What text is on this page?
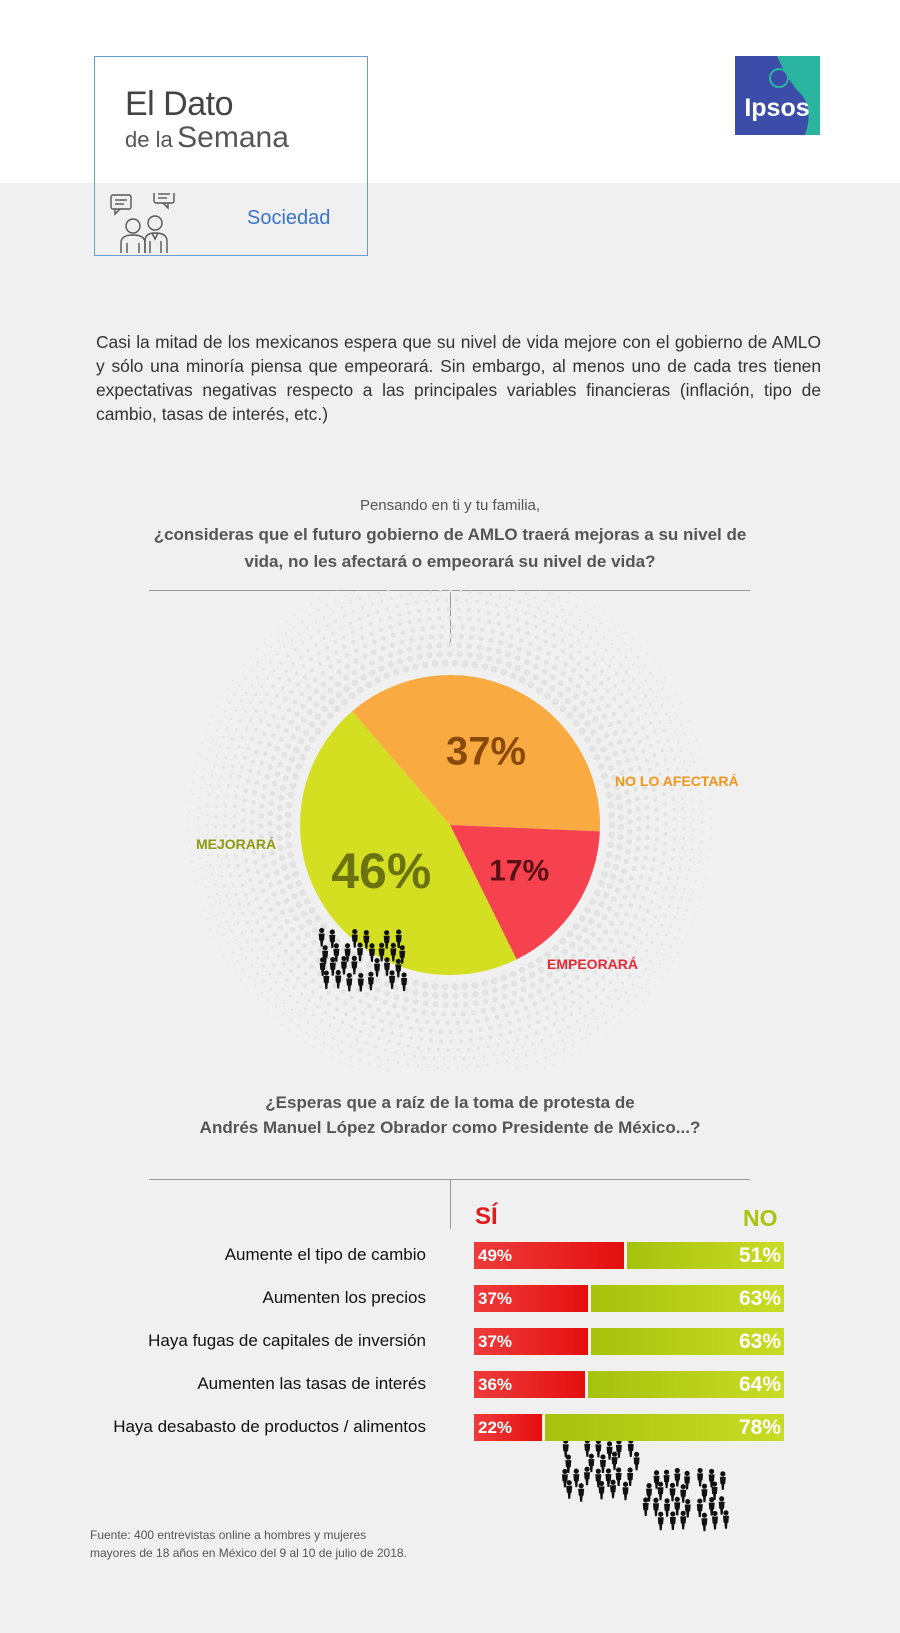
El Dato
de la Semana
Sociedad
Ipsos
Casi la mitad de los mexicanos espera que su nivel de vida mejore con el gobierno de AMLO y sólo una minoría piensa que empeorará. Sin embargo, al menos uno de cada tres tienen expectativas negativas respecto a las principales variables financieras (inflación, tipo de cambio, tasas de interés, etc.)
Pensando en ti y tu familia,
¿consideras que el futuro gobierno de AMLO traerá mejoras a su nivel de vida, no les afectará o empeorará su nivel de vida?
37%
17%
46%
NO LO AFECTARÁ
EMPEORARÁ
MEJORARÁ
¿Esperas que a raíz de la toma de protesta de
Andrés Manuel López Obrador como Presidente de México...?
SÍ	NO
Fuente: 400 entrevistas online a hombres y mujeres
mayores de 18 años en México del 9 al 10 de julio de 2018.
Aumente el tipo de cambio	49%	51%
Aumenten los precios	37%	63%
Haya fugas de capitales de inversión	37%	63%
Aumenten las tasas de interés	36%	64%
Haya desabasto de productos / alimentos	22%	78%
